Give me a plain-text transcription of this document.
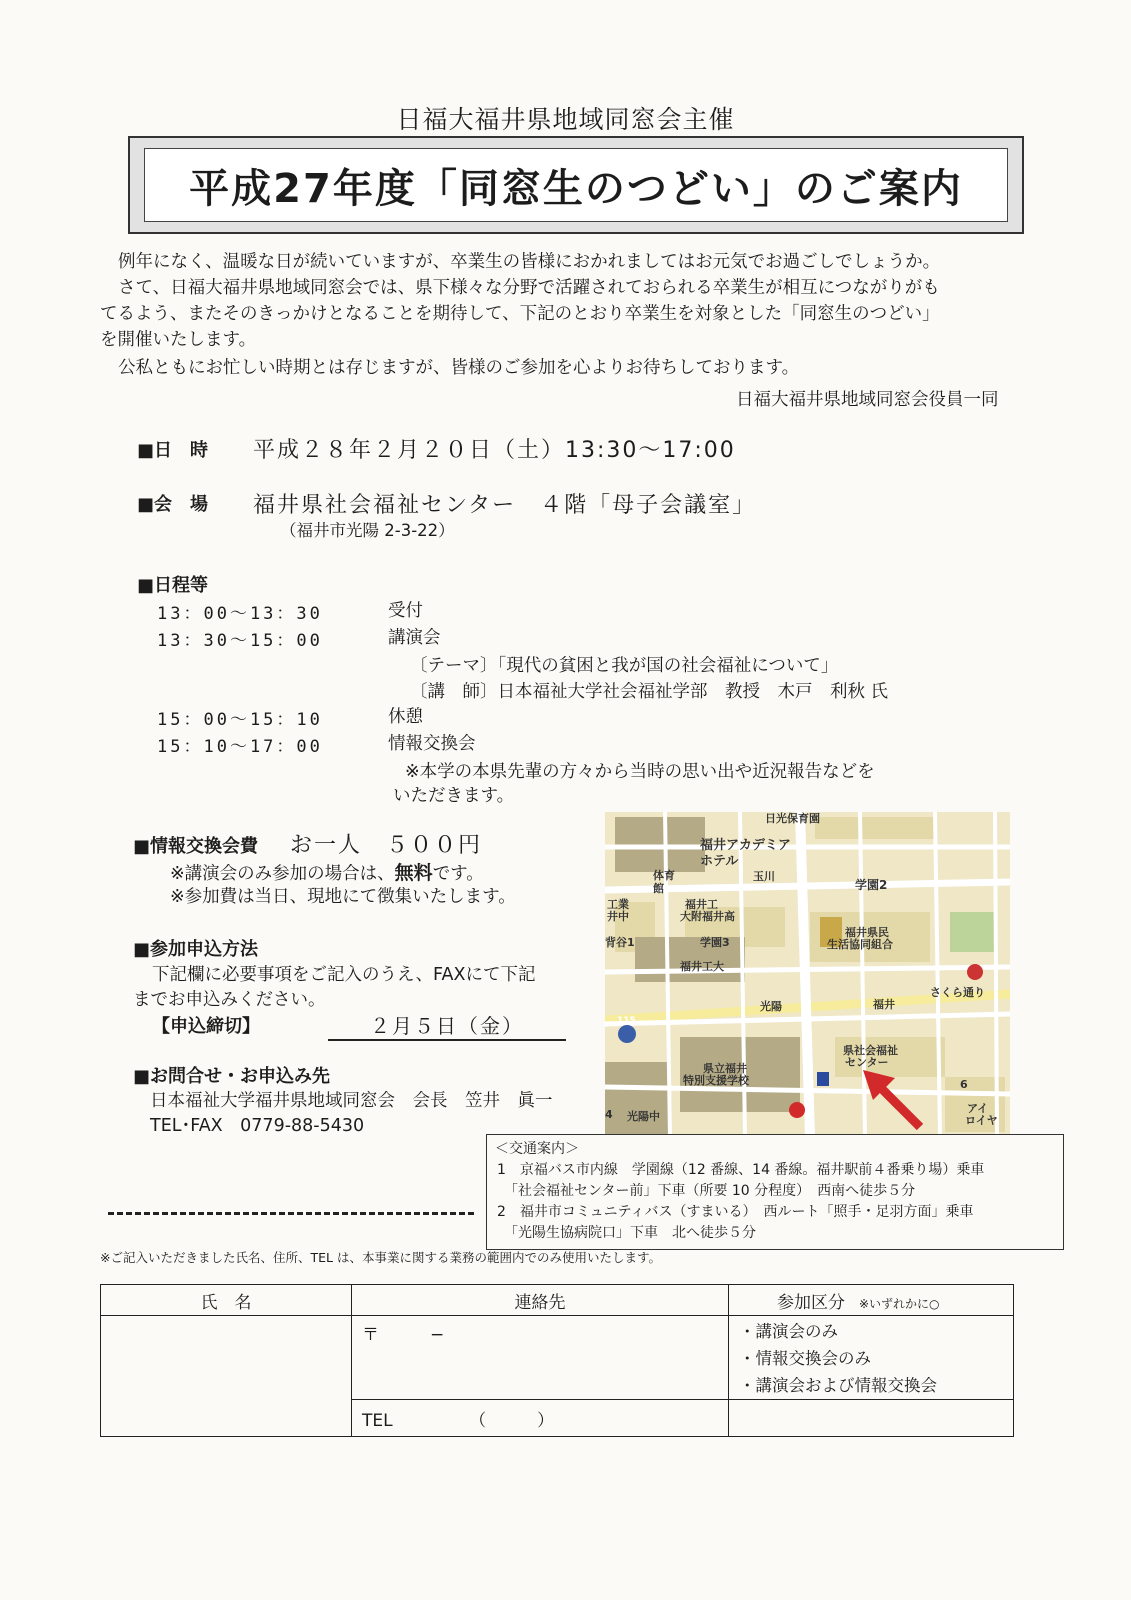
日福大福井県地域同窓会主催
平成27年度「同窓生のつどい」のご案内
例年になく、温暖な日が続いていますが、卒業生の皆様におかれましてはお元気でお過ごしでしょうか。
さて、日福大福井県地域同窓会では、県下様々な分野で活躍されておられる卒業生が相互につながりがも
てるよう、またそのきっかけとなることを期待して、下記のとおり卒業生を対象とした「同窓生のつどい」
を開催いたします。
公私ともにお忙しい時期とは存じますが、皆様のご参加を心よりお待ちしております。
日福大福井県地域同窓会役員一同
■日　時 平成２８年２月２０日（土）13:30〜17:00
■会　場 福井県社会福祉センター　４階「母子会議室」
（福井市光陽 2-3-22）
■日程等
13：00〜13：30	受付
13：30〜15：00	講演会
〔テーマ〕「現代の貧困と我が国の社会福祉について」
〔講　師〕日本福祉大学社会福祉学部　教授　木戸　利秋 氏
15：00〜15：10	休憩
15：10〜17：00	情報交換会
※本学の本県先輩の方々から当時の思い出や近況報告などを
いただきます。
■情報交換会費 お一人　５００円
※講演会のみ参加の場合は、無料です。
※参加費は当日、現地にて徴集いたします。
■参加申込方法
下記欄に必要事項をご記入のうえ、FAXにて下記
までお申込みください。
【申込締切】	２月５日（金）
■お問合せ・お申込み先
日本福祉大学福井県地域同窓会　会長　笠井　眞一
TEL･FAX　0779-88-5430
日光保育園
福井アカデミア
ホテル
体育
館
玉川
学園2
工業
井中
福井工
大附福井高
福井県民
生活協同組合
背谷1	学園3
福井工大
さくら通り
光陽	福井
115
県社会福祉
センター
県立福井
特別支援学校
光陽中
6
4	アイ
ロイヤ
＜交通案内＞
1　京福バス市内線　学園線（12 番線、14 番線。福井駅前４番乗り場）乗車
　「社会福祉センター前」下車（所要 10 分程度）　西南へ徒歩５分
2　福井市コミュニティバス（すまいる）　西ルート「照手・足羽方面」乗車
　「光陽生協病院口」下車　北へ徒歩５分
※ご記入いただきました氏名、住所、TEL は、本事業に関する業務の範囲内でのみ使用いたします。
氏　名	連絡先	参加区分 ※いずれかに○
	〒　　　−	・講演会のみ
・情報交換会のみ
・講演会および情報交換会

	TEL　　　　　（　　　）	
